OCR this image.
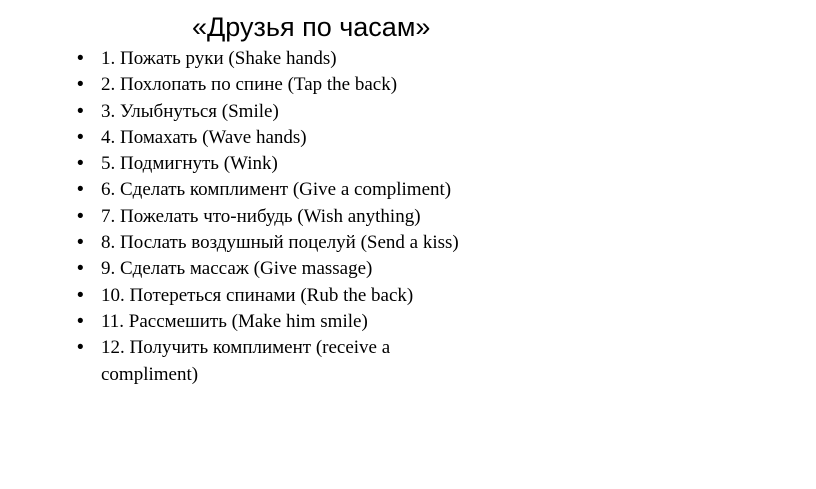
«Друзья по часам»
• 1. Пожать руки (Shake hands)
• 2. Похлопать по спине (Tap the back)
• 3. Улыбнуться (Smile)
• 4. Помахать (Wave hands)
• 5. Подмигнуть (Wink)
• 6. Сделать комплимент (Give a compliment)
• 7. Пожелать что-нибудь (Wish anything)
• 8. Послать воздушный поцелуй (Send a kiss)
• 9. Сделать массаж (Give massage)
• 10. Потереться спинами (Rub the back)
• 11. Рассмешить (Make him smile)
• 12. Получить комплимент (receive a compliment)
